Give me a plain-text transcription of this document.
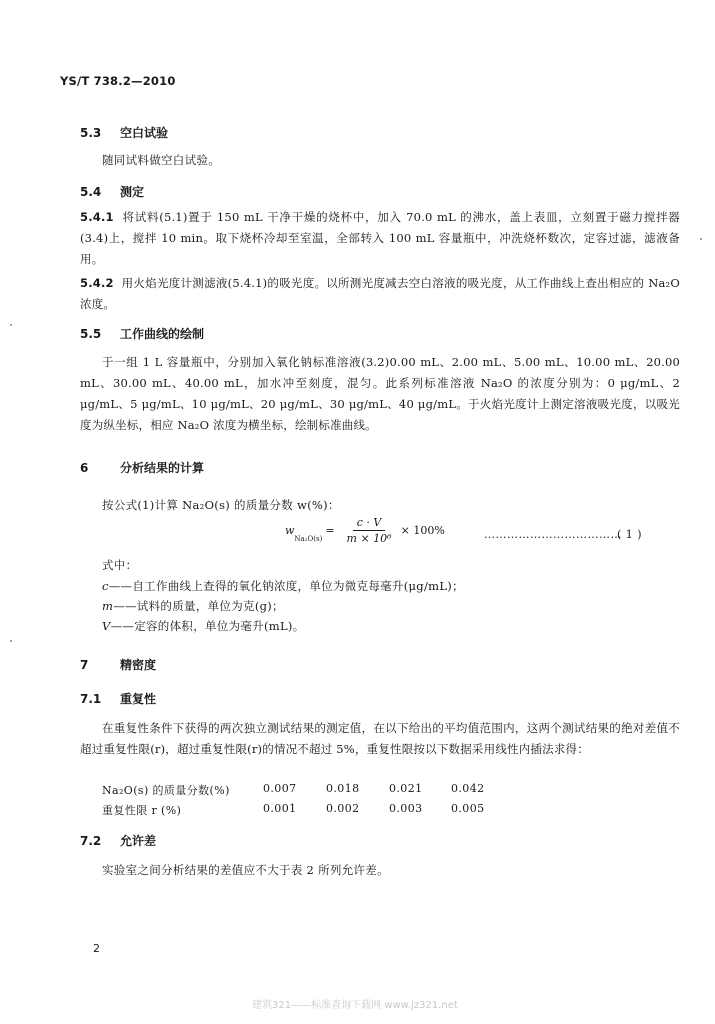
YS/T 738.2—2010
5.3 空白试验
随同试料做空白试验。
5.4 测定
5.4.1 将试料(5.1)置于 150 mL 干净干燥的烧杯中，加入 70.0 mL 的沸水，盖上表皿，立刻置于磁力搅拌器(3.4)上，搅拌 10 min。取下烧杯冷却至室温，全部转入 100 mL 容量瓶中，冲洗烧杯数次，定容过滤，滤液备用。
5.4.2 用火焰光度计测滤液(5.4.1)的吸光度。以所测光度减去空白溶液的吸光度，从工作曲线上查出相应的 Na₂O 浓度。
5.5 工作曲线的绘制
于一组 1 L 容量瓶中，分别加入氧化钠标准溶液(3.2)0.00 mL、2.00 mL、5.00 mL、10.00 mL、20.00 mL、30.00 mL、40.00 mL，加水冲至刻度，混匀。此系列标准溶液 Na₂O 的浓度分别为：0 μg/mL、2 μg/mL、5 μg/mL、10 μg/mL、20 μg/mL、30 μg/mL、40 μg/mL。于火焰光度计上测定溶液吸光度，以吸光度为纵坐标，相应 Na₂O 浓度为横坐标，绘制标准曲线。
6	分析结果的计算
按公式(1)计算 Na₂O(s) 的质量分数 w(%)：
w
Na₂O(s)
= $\frac{c \cdot V}{\text{m × 10⁶}} \times 100\%$	………………………………
( 1 )
式中：
c——自工作曲线上查得的氧化钠浓度，单位为微克每毫升(μg/mL)；
m——试料的质量，单位为克(g)；
V——定容的体积，单位为毫升(mL)。
7	精密度
7.1 重复性
在重复性条件下获得的两次独立测试结果的测定值，在以下给出的平均值范围内，这两个测试结果的绝对差值不超过重复性限(r)，超过重复性限(r)的情况不超过 5%，重复性限按以下数据采用线性内插法求得：
Na₂O(s) 的质量分数(%)	0.007	0.018	0.021	0.042
重复性限 r (%)	0.001	0.002	0.003	0.005
7.2 允许差
实验室之间分析结果的差值应不大于表 2 所列允许差。
2
建筑321——标准查询下载网 www.jz321.net
